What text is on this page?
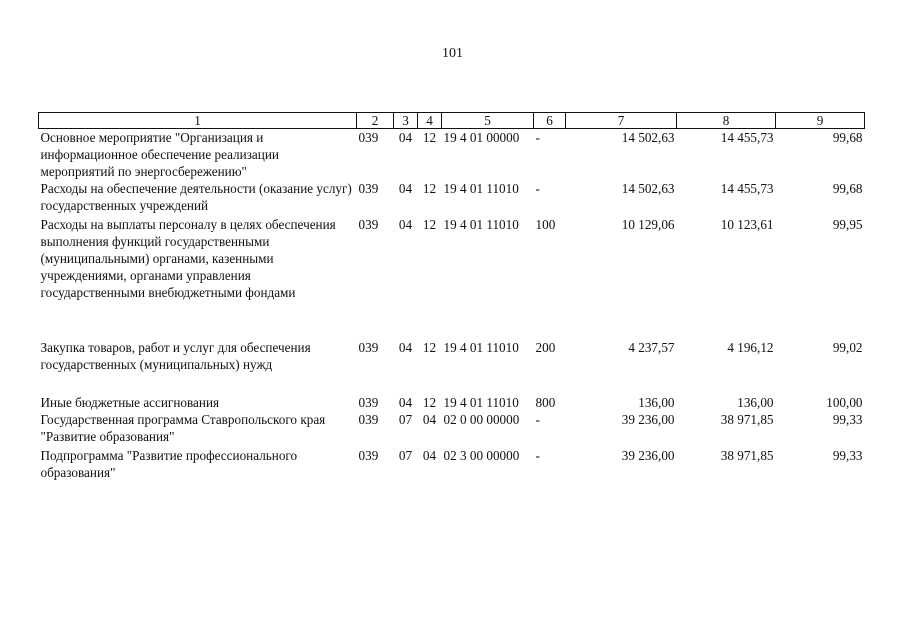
101
1	2	3	4	5	6	7	8	9
Основное мероприятие "Организация и информационное обеспечение реализации мероприятий по энергосбережению"	039	04	12	19 4 01 00000	-	14 502,63	14 455,73	99,68
Расходы на обеспечение деятельности (оказание услуг) государственных учреждений	039	04	12	19 4 01 11010	-	14 502,63	14 455,73	99,68
Расходы на выплаты персоналу в целях обеспечения выполнения функций государственными (муниципальными) органами, казенными учреждениями, органами управления государственными внебюджетными фондами	039	04	12	19 4 01 11010	100	10 129,06	10 123,61	99,95
Закупка товаров, работ и услуг для обеспечения государственных (муниципальных) нужд	039	04	12	19 4 01 11010	200	4 237,57	4 196,12	99,02
Иные бюджетные ассигнования	039	04	12	19 4 01 11010	800	136,00	136,00	100,00
Государственная программа Ставропольского края "Развитие образования"	039	07	04	02 0 00 00000	-	39 236,00	38 971,85	99,33
Подпрограмма "Развитие профессионального образования"	039	07	04	02 3 00 00000	-	39 236,00	38 971,85	99,33
